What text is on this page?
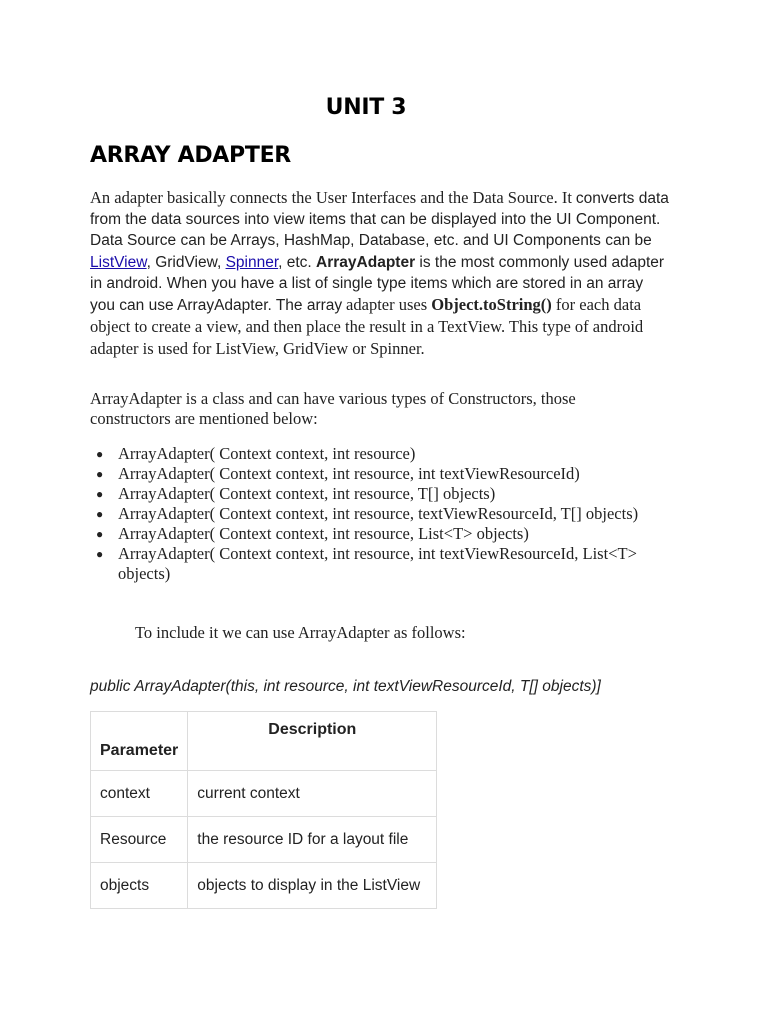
UNIT 3
ARRAY ADAPTER

An adapter basically connects the User Interfaces and the Data Source. It converts data from the data sources into view items that can be displayed into the UI Component. Data Source can be Arrays, HashMap, Database, etc. and UI Components can be ListView, GridView, Spinner, etc. ArrayAdapter is the most commonly used adapter in android. When you have a list of single type items which are stored in an array you can use ArrayAdapter. The array adapter uses Object.toString() for each data object to create a view, and then place the result in a TextView. This type of android adapter is used for ListView, GridView or Spinner.

ArrayAdapter is a class and can have various types of Constructors, those constructors are mentioned below:

● ArrayAdapter( Context context, int resource)
● ArrayAdapter( Context context, int resource, int textViewResourceId)
● ArrayAdapter( Context context, int resource, T[] objects)
● ArrayAdapter( Context context, int resource, textViewResourceId, T[] objects)
● ArrayAdapter( Context context, int resource, List<T> objects)
● ArrayAdapter( Context context, int resource, int textViewResourceId, List<T> objects)

To include it we can use ArrayAdapter as follows:

public ArrayAdapter(this, int resource, int textViewResourceId, T[] objects)]

Parameter	Description
context	current context
Resource	the resource ID for a layout file
objects	objects to display in the ListView
